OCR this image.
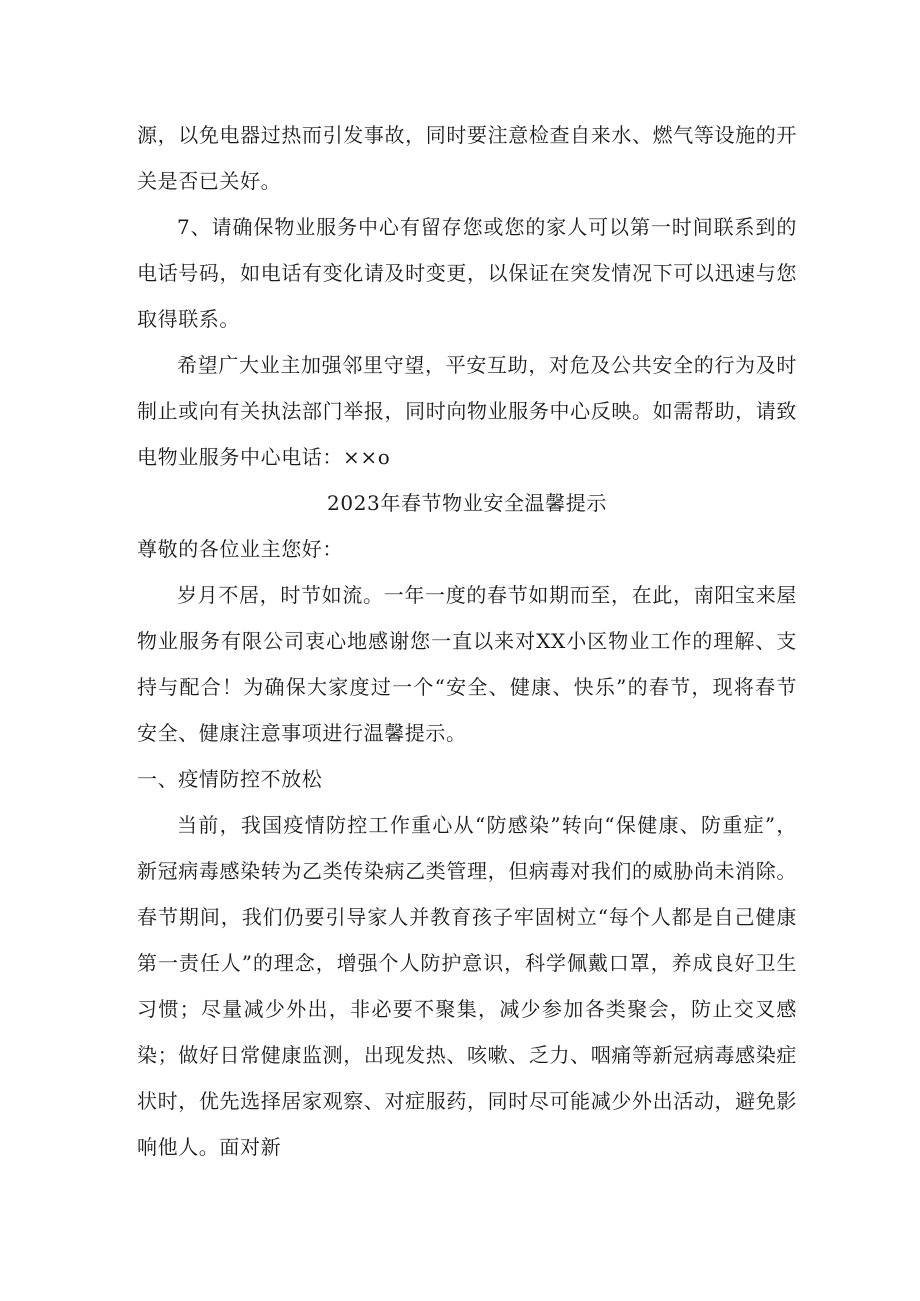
源，以免电器过热而引发事故，同时要注意检查自来水、燃气等设施的开关是否已关好。

7、请确保物业服务中心有留存您或您的家人可以第一时间联系到的电话号码，如电话有变化请及时变更，以保证在突发情况下可以迅速与您取得联系。

希望广大业主加强邻里守望，平安互助，对危及公共安全的行为及时制止或向有关执法部门举报，同时向物业服务中心反映。如需帮助，请致电物业服务中心电话：××o

2023年春节物业安全温馨提示

尊敬的各位业主您好：

岁月不居，时节如流。一年一度的春节如期而至，在此，南阳宝来屋物业服务有限公司衷心地感谢您一直以来对XX小区物业工作的理解、支持与配合！为确保大家度过一个“安全、健康、快乐”的春节，现将春节安全、健康注意事项进行温馨提示。

一、疫情防控不放松

当前，我国疫情防控工作重心从“防感染”转向“保健康、防重症”，新冠病毒感染转为乙类传染病乙类管理，但病毒对我们的威胁尚未消除。春节期间，我们仍要引导家人并教育孩子牢固树立“每个人都是自己健康第一责任人”的理念，增强个人防护意识，科学佩戴口罩，养成良好卫生习惯；尽量减少外出，非必要不聚集，减少参加各类聚会，防止交叉感染；做好日常健康监测，出现发热、咳嗽、乏力、咽痛等新冠病毒感染症状时，优先选择居家观察、对症服药，同时尽可能减少外出活动，避免影响他人。面对新
